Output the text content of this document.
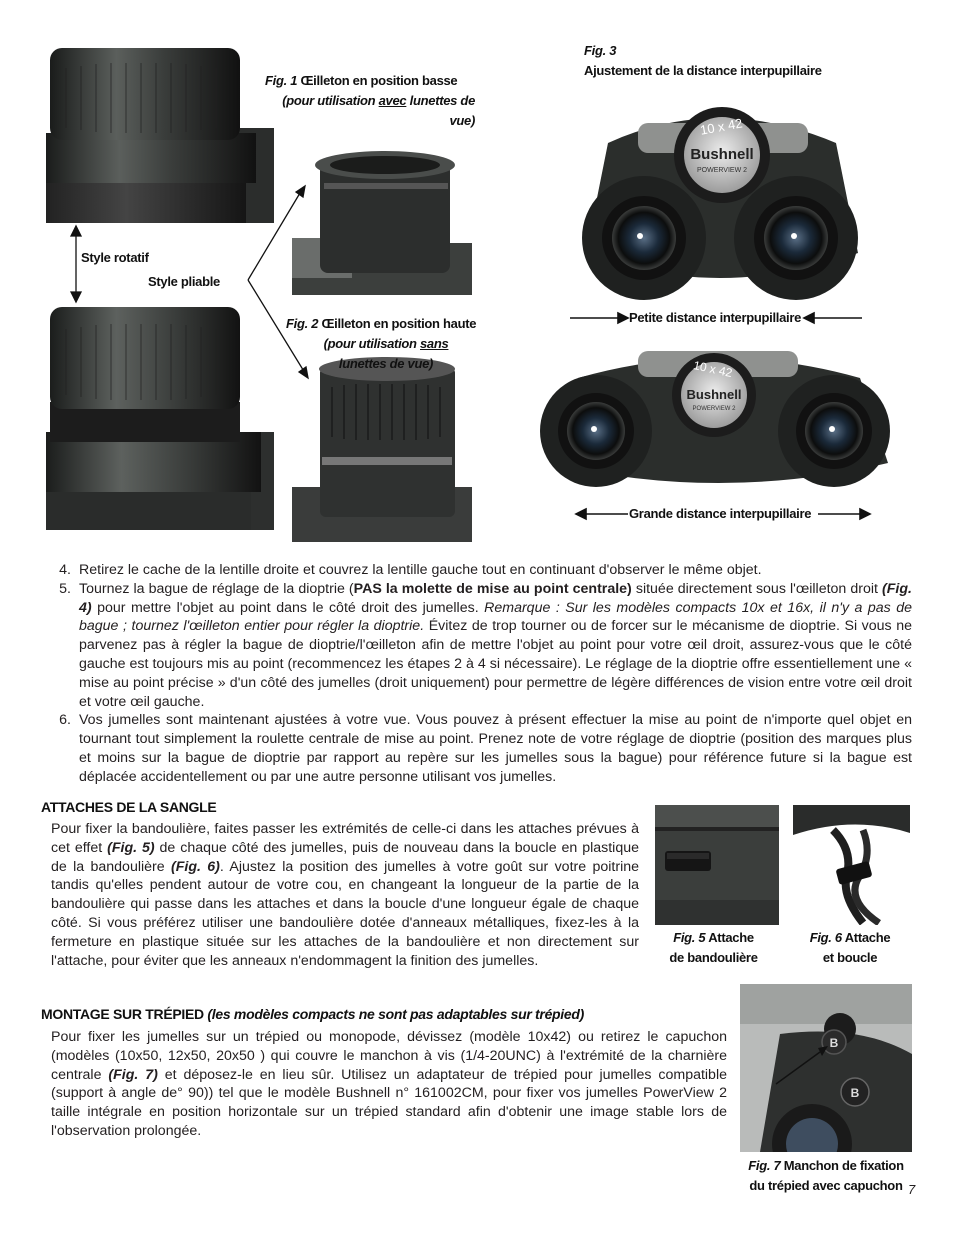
Fig. 1 Œilleton en position basse
(pour utilisation avec lunettes de vue)
Fig. 2 Œilleton en position haute
(pour utilisation sans
lunettes de vue)
Style rotatif
Style pliable
Fig. 3
Ajustement de la distance interpupillaire
10 x 42
Bushnell
POWERVIEW 2
Petite distance interpupillaire
10 x 42
Bushnell
POWERVIEW 2
Grande distance interpupillaire
4. Retirez le cache de la lentille droite et couvrez la lentille gauche tout en continuant d'observer le même objet.
5. Tournez la bague de réglage de la dioptrie (PAS la molette de mise au point centrale) située directement sous l'œilleton droit (Fig. 4) pour mettre l'objet au point dans le côté droit des jumelles. Remarque : Sur les modèles compacts 10x et 16x, il n'y a pas de bague ; tournez l'œilleton entier pour régler la dioptrie. Évitez de trop tourner ou de forcer sur le mécanisme de dioptrie. Si vous ne parvenez pas à régler la bague de dioptrie/l'œilleton afin de mettre l'objet au point pour votre œil droit, assurez-vous que le côté gauche est toujours mis au point (recommencez les étapes 2 à 4 si nécessaire). Le réglage de la dioptrie offre essentiellement une « mise au point précise » d'un côté des jumelles (droit uniquement) pour permettre de légère différences de vision entre votre œil droit et votre œil gauche.
6. Vos jumelles sont maintenant ajustées à votre vue. Vous pouvez à présent effectuer la mise au point de n'importe quel objet en tournant tout simplement la roulette centrale de mise au point. Prenez note de votre réglage de dioptrie (position des marques plus et moins sur la bague de dioptrie par rapport au repère sur les jumelles sous la bague) pour référence future si la bague est déplacée accidentellement ou par une autre personne utilisant vos jumelles.
ATTACHES DE LA SANGLE
Pour fixer la bandoulière, faites passer les extrémités de celle-ci dans les attaches prévues à cet effet (Fig. 5) de chaque côté des jumelles, puis de nouveau dans la boucle en plastique de la bandoulière (Fig. 6). Ajustez la position des jumelles à votre goût sur votre poitrine tandis qu'elles pendent autour de votre cou, en changeant la longueur de la partie de la bandoulière qui passe dans les attaches et dans la boucle d'une longueur égale de chaque côté. Si vous préférez utiliser une bandoulière dotée d'anneaux métalliques, fixez-les à la fermeture en plastique située sur les attaches de la bandoulière et non directement sur l'attache, pour éviter que les anneaux n'endommagent la finition des jumelles.
Fig. 5 Attache
de bandoulière
Fig. 6 Attache
et boucle
MONTAGE SUR TRÉPIED (les modèles compacts ne sont pas adaptables sur trépied)
Pour fixer les jumelles sur un trépied ou monopode, dévissez (modèle 10x42) ou retirez le capuchon (modèles (10x50, 12x50, 20x50 ) qui couvre le manchon à vis (1/4-20UNC) à l'extrémité de la charnière centrale (Fig. 7) et déposez-le en lieu sûr. Utilisez un adaptateur de trépied pour jumelles compatible (support à angle de° 90)) tel que le modèle Bushnell n° 161002CM, pour fixer vos jumelles PowerView 2 taille intégrale en position horizontale sur un trépied standard afin d'obtenir une image stable lors de l'observation prolongée.
B
B
Fig. 7 Manchon de fixation
du trépied avec capuchon 7
